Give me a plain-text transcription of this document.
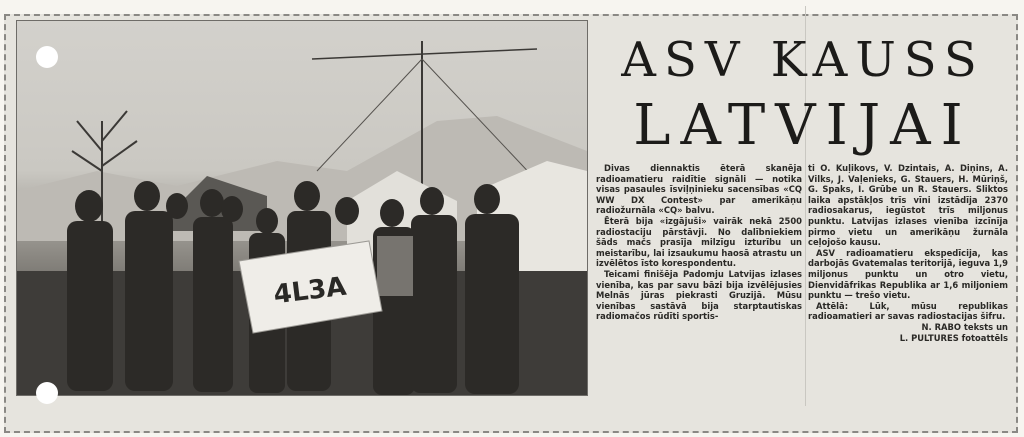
4L3A
ASV KAUSS
LATVIJAI

Divas diennaktis ēterā skanēja radioamatieru raidītie signāli — notika visas pasaules īsviļņinieku sacensības «CQ WW DX Contest» par amerikāņu radiožurnāla «CQ» balvu.

Ēterā bija «izgājuši» vairāk nekā 2500 radiostaciju pārstāvji. No dalībniekiem šāds mačs prasīja milzīgu izturību un meistarību, lai izsaukumu haosā atrastu un izvēlētos īsto korespondentu.

Teicami finišēja Padomju Latvijas izlases vienība, kas par savu bāzi bija izvēlējusies Melnās jūras piekrasti Gruzijā. Mūsu vienības sastāvā bija starptautiskas radiomačos rūdīti sportis-

ti O. Kuļikovs, V. Dzintais, A. Diņins, A. Vilks, J. Vaļenieks, G. Stauers, H. Mūriņš, G. Spaks, I. Grūbe un R. Stauers. Sliktos laika apstākļos trīs vīni izstādīja 2370 radiosakarus, iegūstot trīs miljonus punktu. Latvijas izlases vienība izcīnīja pirmo vietu un amerikāņu žurnāla ceļojošo kausu.

ASV radioamatieru ekspedīcija, kas darbojās Gvatemalas teritorijā, ieguva 1,9 miljonus punktu un otro vietu, Dienvidāfrikas Republika ar 1,6 miljoniem punktu — trešo vietu.

Attēlā: Lūk, mūsu republikas radioamatieri ar savas radiostacijas šifru.

N. RABO teksts un

L. PULTURES fotoattēls
